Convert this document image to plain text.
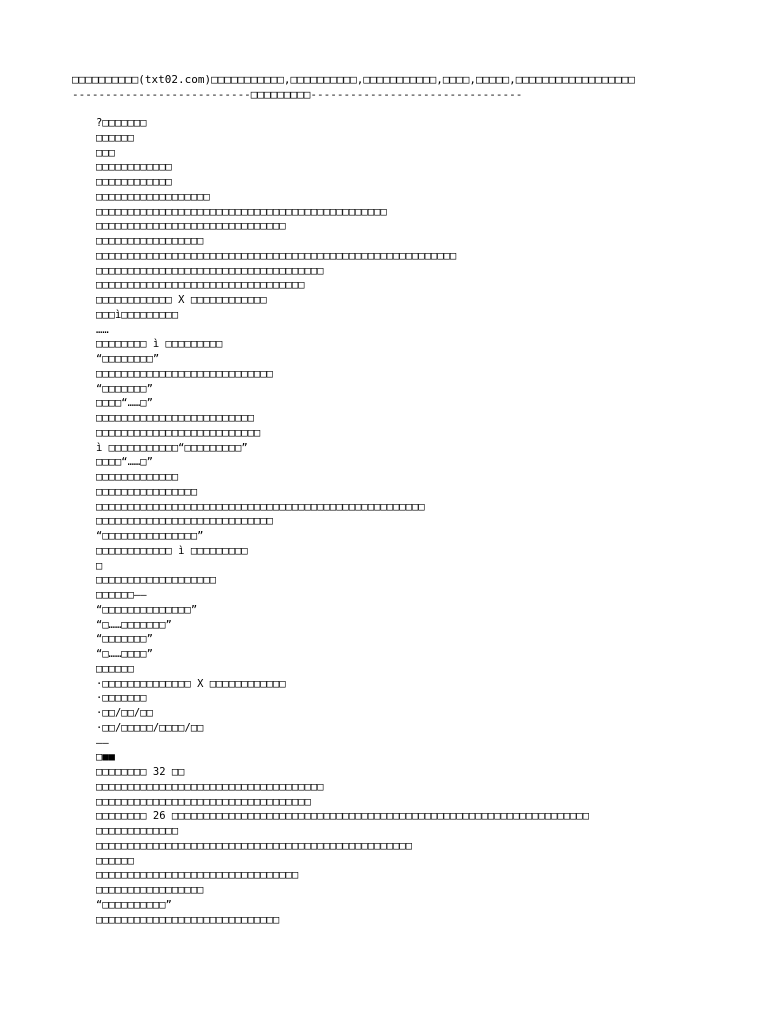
□□□□□□□□□□(txt02.com)□□□□□□□□□□□,□□□□□□□□□□,□□□□□□□□□□□,□□□□,□□□□□,□□□□□□□□□□□□□□□□□□
---------------------------□□□□□□□□□--------------------------------
?□□□□□□□
□□□□□□
□□□
□□□□□□□□□□□□
□□□□□□□□□□□□
□□□□□□□□□□□□□□□□□□
□□□□□□□□□□□□□□□□□□□□□□□□□□□□□□□□□□□□□□□□□□□□□□
□□□□□□□□□□□□□□□□□□□□□□□□□□□□□□
□□□□□□□□□□□□□□□□□
□□□□□□□□□□□□□□□□□□□□□□□□□□□□□□□□□□□□□□□□□□□□□□□□□□□□□□□□□
□□□□□□□□□□□□□□□□□□□□□□□□□□□□□□□□□□□□
□□□□□□□□□□□□□□□□□□□□□□□□□□□□□□□□□
□□□□□□□□□□□□ X □□□□□□□□□□□□
□□□ì□□□□□□□□□
……
□□□□□□□□ ì □□□□□□□□□
“□□□□□□□□”
□□□□□□□□□□□□□□□□□□□□□□□□□□□□
“□□□□□□□”
□□□□“……□”
□□□□□□□□□□□□□□□□□□□□□□□□□
□□□□□□□□□□□□□□□□□□□□□□□□□□
ì □□□□□□□□□□□“□□□□□□□□□”
□□□□“……□”
□□□□□□□□□□□□□
□□□□□□□□□□□□□□□□
□□□□□□□□□□□□□□□□□□□□□□□□□□□□□□□□□□□□□□□□□□□□□□□□□□□□
□□□□□□□□□□□□□□□□□□□□□□□□□□□□
“□□□□□□□□□□□□□□□”
□□□□□□□□□□□□ ì □□□□□□□□□
□
□□□□□□□□□□□□□□□□□□□
□□□□□□——
“□□□□□□□□□□□□□□”
“□……□□□□□□□”
“□□□□□□□”
“□……□□□□”
□□□□□□
·□□□□□□□□□□□□□□ X □□□□□□□□□□□□
·□□□□□□□
·□□/□□/□□
·□□/□□□□□/□□□□/□□
——
□■■
□□□□□□□□ 32 □□
□□□□□□□□□□□□□□□□□□□□□□□□□□□□□□□□□□□□
□□□□□□□□□□□□□□□□□□□□□□□□□□□□□□□□□□
□□□□□□□□ 26 □□□□□□□□□□□□□□□□□□□□□□□□□□□□□□□□□□□□□□□□□□□□□□□□□□□□□□□□□□□□□□□□□□
□□□□□□□□□□□□□
□□□□□□□□□□□□□□□□□□□□□□□□□□□□□□□□□□□□□□□□□□□□□□□□□□
□□□□□□
□□□□□□□□□□□□□□□□□□□□□□□□□□□□□□□□
□□□□□□□□□□□□□□□□□
“□□□□□□□□□□”
□□□□□□□□□□□□□□□□□□□□□□□□□□□□□
